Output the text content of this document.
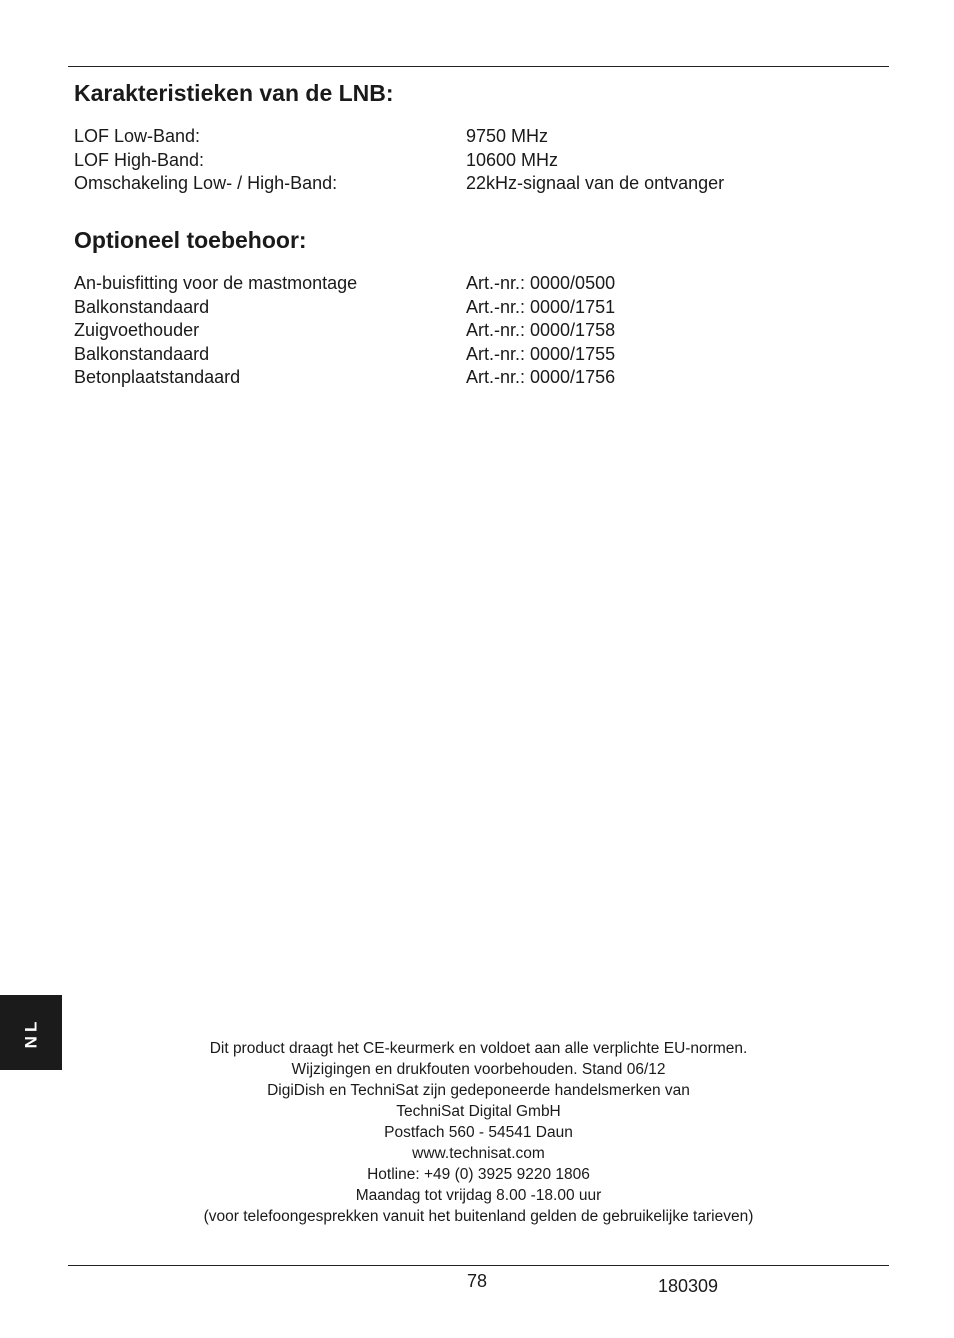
Karakteristieken van de LNB:
LOF Low-Band:	9750 MHz
LOF High-Band:	10600 MHz
Omschakeling Low- / High-Band:	22kHz-signaal van de ontvanger
Optioneel toebehoor:
An-buisfitting voor de mastmontage	Art.-nr.: 0000/0500
Balkonstandaard	Art.-nr.: 0000/1751
Zuigvoethouder	Art.-nr.: 0000/1758
Balkonstandaard	Art.-nr.: 0000/1755
Betonplaatstandaard	Art.-nr.: 0000/1756
NL
Dit product draagt het CE-keurmerk en voldoet aan alle verplichte EU-normen.
Wijzigingen en drukfouten voorbehouden. Stand 06/12
DigiDish en TechniSat zijn gedeponeerde handelsmerken van
TechniSat Digital GmbH
Postfach 560 - 54541 Daun
www.technisat.com
Hotline: +49 (0) 3925 9220 1806
Maandag tot vrijdag 8.00 -18.00 uur
(voor telefoongesprekken vanuit het buitenland gelden de gebruikelijke tarieven)
78	180309
